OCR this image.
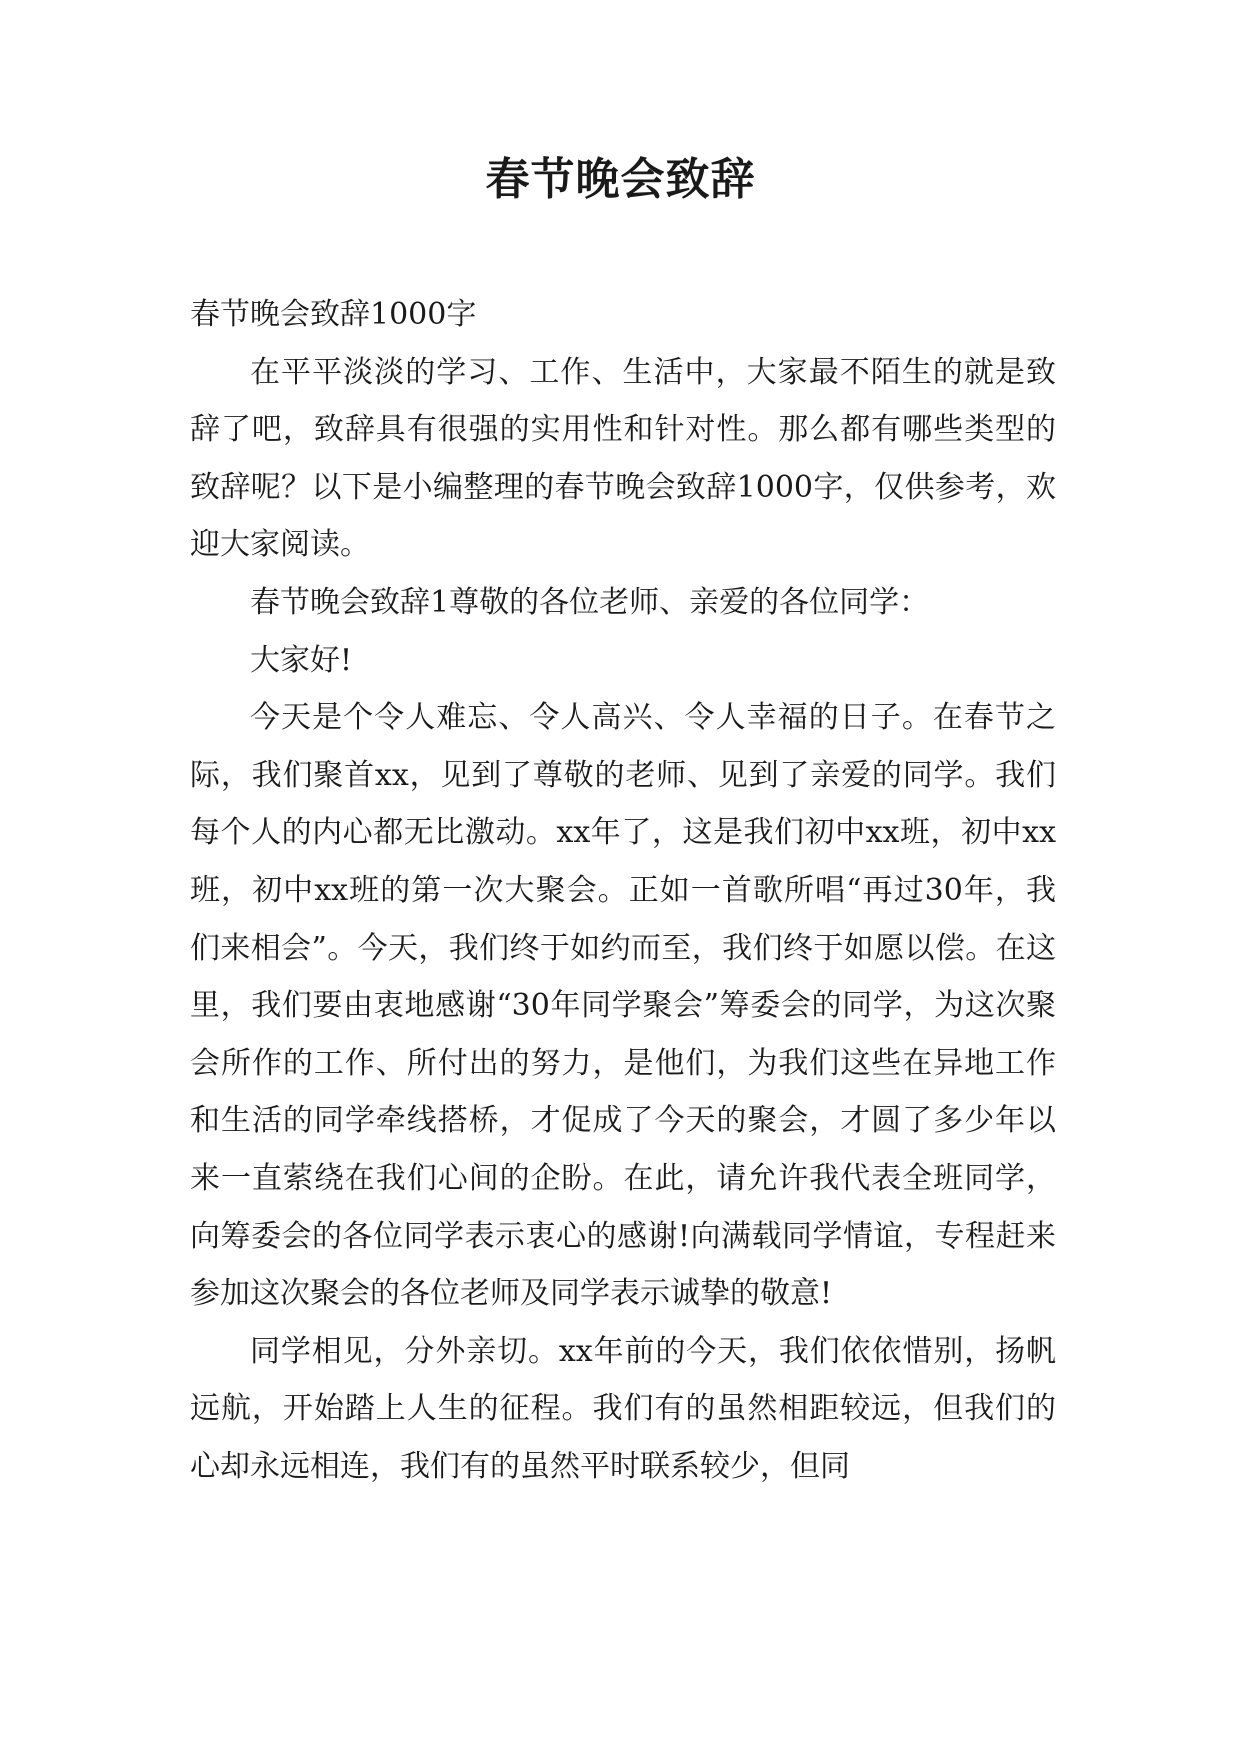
春节晚会致辞

春节晚会致辞1000字

在平平淡淡的学习、工作、生活中，大家最不陌生的就是致辞了吧，致辞具有很强的实用性和针对性。那么都有哪些类型的致辞呢？以下是小编整理的春节晚会致辞1000字，仅供参考，欢迎大家阅读。

春节晚会致辞1尊敬的各位老师、亲爱的各位同学：

大家好!

今天是个令人难忘、令人高兴、令人幸福的日子。在春节之际，我们聚首xx，见到了尊敬的老师、见到了亲爱的同学。我们每个人的内心都无比激动。xx年了，这是我们初中xx班，初中xx班，初中xx班的第一次大聚会。正如一首歌所唱“再过30年，我们来相会”。今天，我们终于如约而至，我们终于如愿以偿。在这里，我们要由衷地感谢“30年同学聚会”筹委会的同学，为这次聚会所作的工作、所付出的努力，是他们，为我们这些在异地工作和生活的同学牵线搭桥，才促成了今天的聚会，才圆了多少年以来一直萦绕在我们心间的企盼。在此，请允许我代表全班同学，向筹委会的各位同学表示衷心的感谢!向满载同学情谊，专程赶来参加这次聚会的各位老师及同学表示诚挚的敬意!

同学相见，分外亲切。xx年前的今天，我们依依惜别，扬帆远航，开始踏上人生的征程。我们有的虽然相距较远，但我们的心却永远相连，我们有的虽然平时联系较少，但同
